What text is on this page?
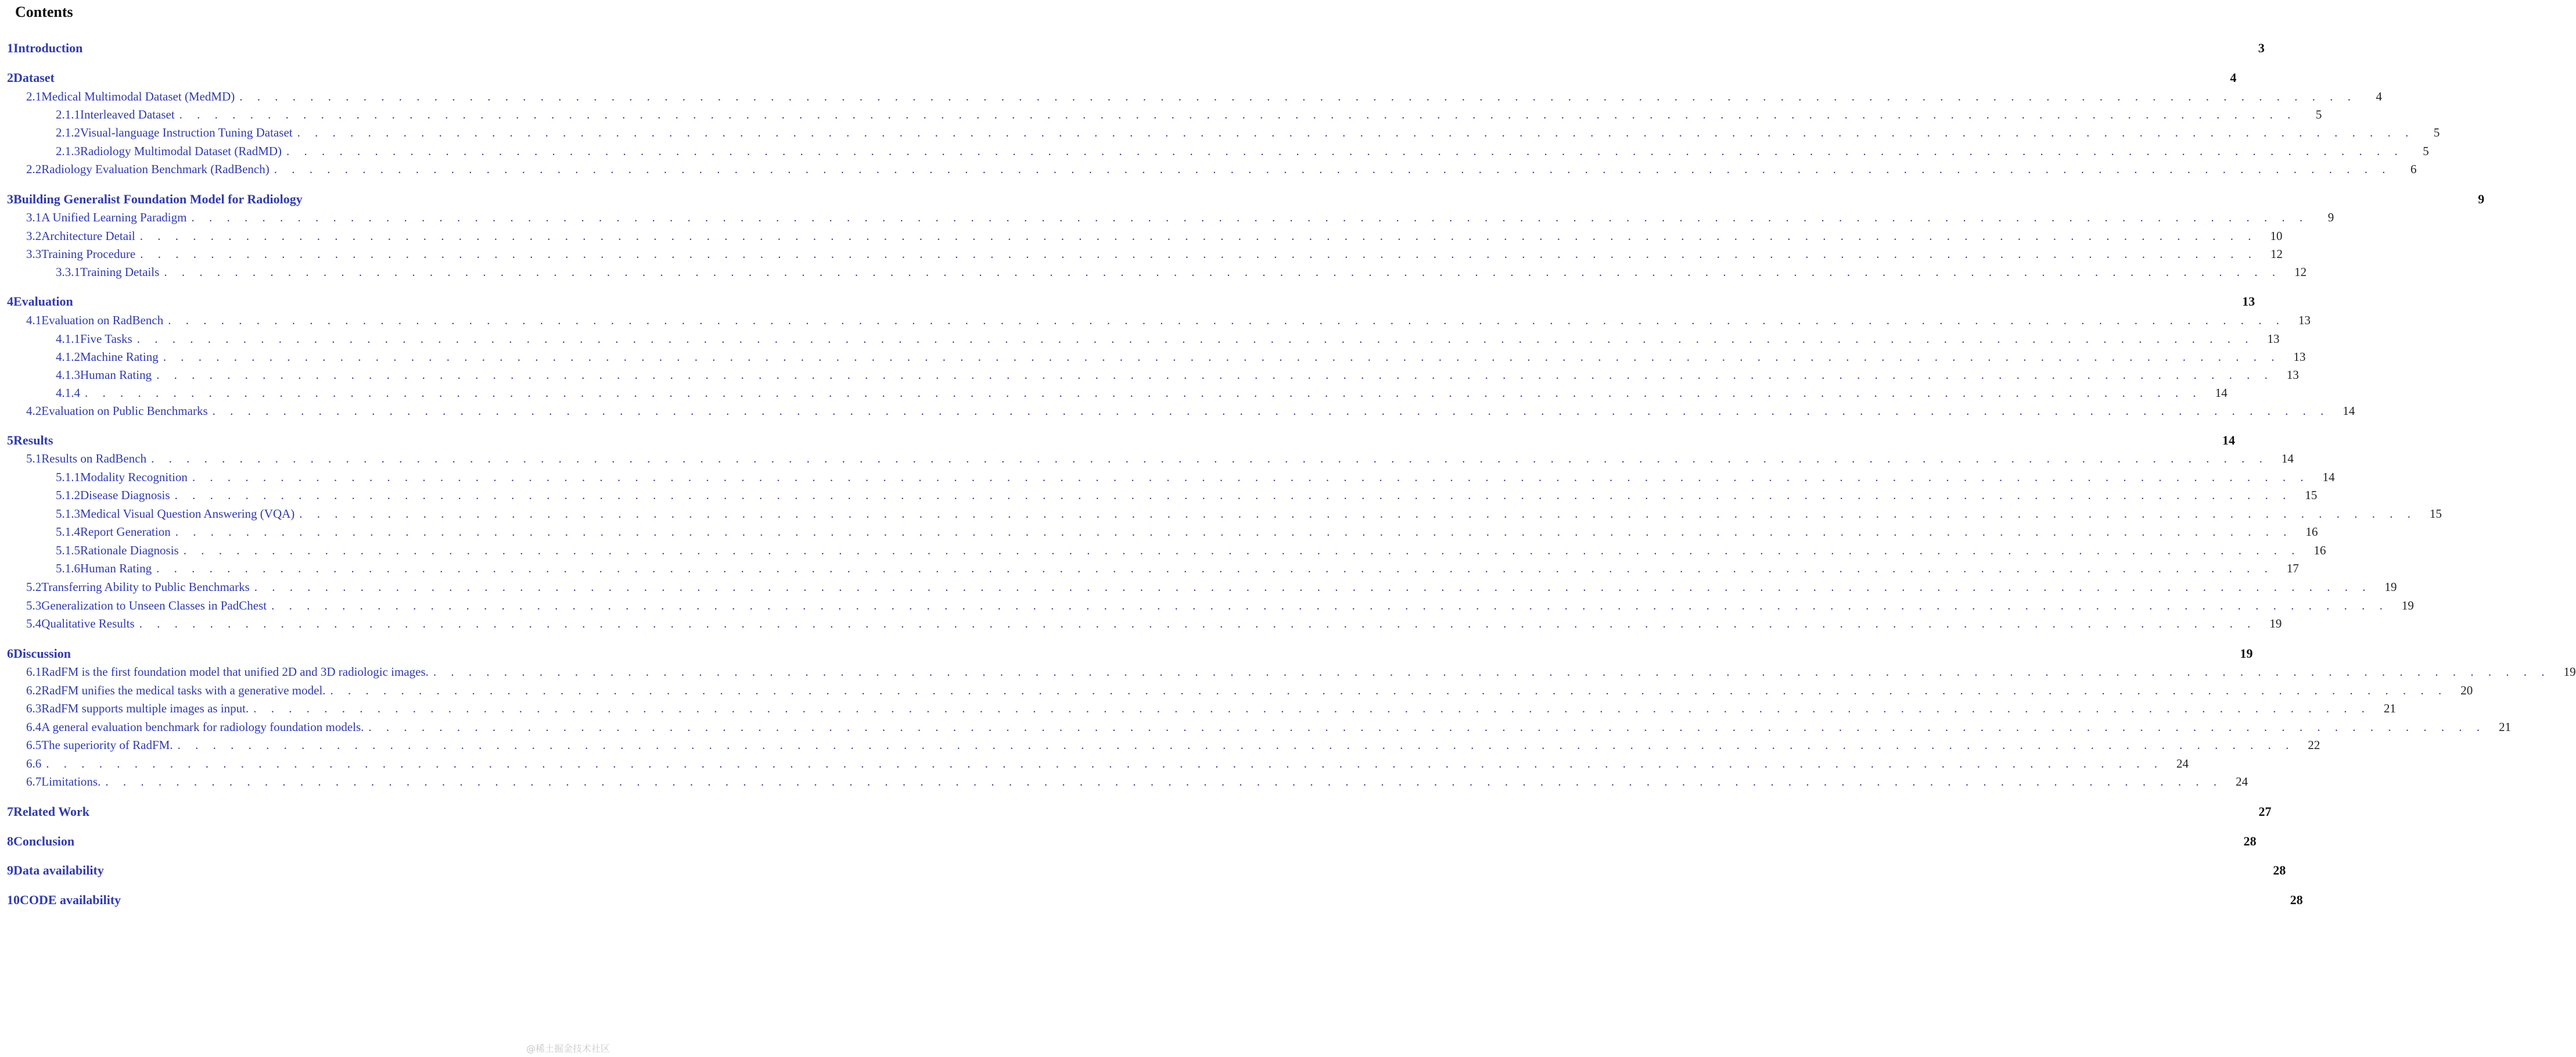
Contents
1 Introduction	3
2 Dataset	4
2.1 Medical Multimodal Dataset (MedMD) . . . . . . . . . . . . . . . . . . . . . . . . . . . . . . . . . . . . . . . . . . . . . . . . . . . . . . . . . . . . . . . . . . . . . . . . . . . . . . . . . . . . . . . . . . . . . . . . . . . . . . . . . . . . . . . . . . . . . . . .	4
2.1.1 Interleaved Dataset . . . . . . . . . . . . . . . . . . . . . . . . . . . . . . . . . . . . . . . . . . . . . . . . . . . . . . . . . . . . . . . . . . . . . . . . . . . . . . . . . . . . . . . . . . . . . . . . . . . . . . . . . . . . . . . . . . . . . . . .	5
2.1.2 Visual-language Instruction Tuning Dataset . . . . . . . . . . . . . . . . . . . . . . . . . . . . . . . . . . . . . . . . . . . . . . . . . . . . . . . . . . . . . . . . . . . . . . . . . . . . . . . . . . . . . . . . . . . . . . . . . . . . . . . . . . . . . . . . . . . . . . . .	5
2.1.3 Radiology Multimodal Dataset (RadMD) . . . . . . . . . . . . . . . . . . . . . . . . . . . . . . . . . . . . . . . . . . . . . . . . . . . . . . . . . . . . . . . . . . . . . . . . . . . . . . . . . . . . . . . . . . . . . . . . . . . . . . . . . . . . . . . . . . . . . . . .	5
2.2 Radiology Evaluation Benchmark (RadBench) . . . . . . . . . . . . . . . . . . . . . . . . . . . . . . . . . . . . . . . . . . . . . . . . . . . . . . . . . . . . . . . . . . . . . . . . . . . . . . . . . . . . . . . . . . . . . . . . . . . . . . . . . . . . . . . . . . . . . . . .	6
3 Building Generalist Foundation Model for Radiology	9
3.1 A Unified Learning Paradigm . . . . . . . . . . . . . . . . . . . . . . . . . . . . . . . . . . . . . . . . . . . . . . . . . . . . . . . . . . . . . . . . . . . . . . . . . . . . . . . . . . . . . . . . . . . . . . . . . . . . . . . . . . . . . . . . . . . . . . . .	9
3.2 Architecture Detail . . . . . . . . . . . . . . . . . . . . . . . . . . . . . . . . . . . . . . . . . . . . . . . . . . . . . . . . . . . . . . . . . . . . . . . . . . . . . . . . . . . . . . . . . . . . . . . . . . . . . . . . . . . . . . . . . . . . . . . .	10
3.3 Training Procedure . . . . . . . . . . . . . . . . . . . . . . . . . . . . . . . . . . . . . . . . . . . . . . . . . . . . . . . . . . . . . . . . . . . . . . . . . . . . . . . . . . . . . . . . . . . . . . . . . . . . . . . . . . . . . . . . . . . . . . . .	12
3.3.1 Training Details . . . . . . . . . . . . . . . . . . . . . . . . . . . . . . . . . . . . . . . . . . . . . . . . . . . . . . . . . . . . . . . . . . . . . . . . . . . . . . . . . . . . . . . . . . . . . . . . . . . . . . . . . . . . . . . . . . . . . . . .	12
4 Evaluation	13
4.1 Evaluation on RadBench . . . . . . . . . . . . . . . . . . . . . . . . . . . . . . . . . . . . . . . . . . . . . . . . . . . . . . . . . . . . . . . . . . . . . . . . . . . . . . . . . . . . . . . . . . . . . . . . . . . . . . . . . . . . . . . . . . . . . . . .	13
4.1.1 Five Tasks . . . . . . . . . . . . . . . . . . . . . . . . . . . . . . . . . . . . . . . . . . . . . . . . . . . . . . . . . . . . . . . . . . . . . . . . . . . . . . . . . . . . . . . . . . . . . . . . . . . . . . . . . . . . . . . . . . . . . . . .	13
4.1.2 Machine Rating . . . . . . . . . . . . . . . . . . . . . . . . . . . . . . . . . . . . . . . . . . . . . . . . . . . . . . . . . . . . . . . . . . . . . . . . . . . . . . . . . . . . . . . . . . . . . . . . . . . . . . . . . . . . . . . . . . . . . . . .	13
4.1.3 Human Rating . . . . . . . . . . . . . . . . . . . . . . . . . . . . . . . . . . . . . . . . . . . . . . . . . . . . . . . . . . . . . . . . . . . . . . . . . . . . . . . . . . . . . . . . . . . . . . . . . . . . . . . . . . . . . . . . . . . . . . . .	13
4.1.4 . . . . . . . . . . . . . . . . . . . . . . . . . . . . . . . . . . . . . . . . . . . . . . . . . . . . . . . . . . . . . . . . . . . . . . . . . . . . . . . . . . . . . . . . . . . . . . . . . . . . . . . . . . . . . . . . . . . . . . . .	14
4.2 Evaluation on Public Benchmarks . . . . . . . . . . . . . . . . . . . . . . . . . . . . . . . . . . . . . . . . . . . . . . . . . . . . . . . . . . . . . . . . . . . . . . . . . . . . . . . . . . . . . . . . . . . . . . . . . . . . . . . . . . . . . . . . . . . . . . . .	14
5 Results	14
5.1 Results on RadBench . . . . . . . . . . . . . . . . . . . . . . . . . . . . . . . . . . . . . . . . . . . . . . . . . . . . . . . . . . . . . . . . . . . . . . . . . . . . . . . . . . . . . . . . . . . . . . . . . . . . . . . . . . . . . . . . . . . . . . . .	14
5.1.1 Modality Recognition . . . . . . . . . . . . . . . . . . . . . . . . . . . . . . . . . . . . . . . . . . . . . . . . . . . . . . . . . . . . . . . . . . . . . . . . . . . . . . . . . . . . . . . . . . . . . . . . . . . . . . . . . . . . . . . . . . . . . . . .	14
5.1.2 Disease Diagnosis . . . . . . . . . . . . . . . . . . . . . . . . . . . . . . . . . . . . . . . . . . . . . . . . . . . . . . . . . . . . . . . . . . . . . . . . . . . . . . . . . . . . . . . . . . . . . . . . . . . . . . . . . . . . . . . . . . . . . . . .	15
5.1.3 Medical Visual Question Answering (VQA) . . . . . . . . . . . . . . . . . . . . . . . . . . . . . . . . . . . . . . . . . . . . . . . . . . . . . . . . . . . . . . . . . . . . . . . . . . . . . . . . . . . . . . . . . . . . . . . . . . . . . . . . . . . . . . . . . . . . . . . .	15
5.1.4 Report Generation . . . . . . . . . . . . . . . . . . . . . . . . . . . . . . . . . . . . . . . . . . . . . . . . . . . . . . . . . . . . . . . . . . . . . . . . . . . . . . . . . . . . . . . . . . . . . . . . . . . . . . . . . . . . . . . . . . . . . . . .	16
5.1.5 Rationale Diagnosis . . . . . . . . . . . . . . . . . . . . . . . . . . . . . . . . . . . . . . . . . . . . . . . . . . . . . . . . . . . . . . . . . . . . . . . . . . . . . . . . . . . . . . . . . . . . . . . . . . . . . . . . . . . . . . . . . . . . . . . .	16
5.1.6 Human Rating . . . . . . . . . . . . . . . . . . . . . . . . . . . . . . . . . . . . . . . . . . . . . . . . . . . . . . . . . . . . . . . . . . . . . . . . . . . . . . . . . . . . . . . . . . . . . . . . . . . . . . . . . . . . . . . . . . . . . . . .	17
5.2 Transferring Ability to Public Benchmarks . . . . . . . . . . . . . . . . . . . . . . . . . . . . . . . . . . . . . . . . . . . . . . . . . . . . . . . . . . . . . . . . . . . . . . . . . . . . . . . . . . . . . . . . . . . . . . . . . . . . . . . . . . . . . . . . . . . . . . . .	19
5.3 Generalization to Unseen Classes in PadChest . . . . . . . . . . . . . . . . . . . . . . . . . . . . . . . . . . . . . . . . . . . . . . . . . . . . . . . . . . . . . . . . . . . . . . . . . . . . . . . . . . . . . . . . . . . . . . . . . . . . . . . . . . . . . . . . . . . . . . . .	19
5.4 Qualitative Results . . . . . . . . . . . . . . . . . . . . . . . . . . . . . . . . . . . . . . . . . . . . . . . . . . . . . . . . . . . . . . . . . . . . . . . . . . . . . . . . . . . . . . . . . . . . . . . . . . . . . . . . . . . . . . . . . . . . . . . .	19
6 Discussion	19
6.1 RadFM is the first foundation model that unified 2D and 3D radiologic images. . . . . . . . . . . . . . . . . . . . . . . . . . . . . . . . . . . . . . . . . . . . . . . . . . . . . . . . . . . . . . . . . . . . . . . . . . . . . . . . . . . . . . . . . . . . . . . . . . . . . . . . . . . . . . . . . . . . . . . . .	19
6.2 RadFM unifies the medical tasks with a generative model. . . . . . . . . . . . . . . . . . . . . . . . . . . . . . . . . . . . . . . . . . . . . . . . . . . . . . . . . . . . . . . . . . . . . . . . . . . . . . . . . . . . . . . . . . . . . . . . . . . . . . . . . . . . . . . . . . . . . . . . .	20
6.3 RadFM supports multiple images as input. . . . . . . . . . . . . . . . . . . . . . . . . . . . . . . . . . . . . . . . . . . . . . . . . . . . . . . . . . . . . . . . . . . . . . . . . . . . . . . . . . . . . . . . . . . . . . . . . . . . . . . . . . . . . . . . . . . . . . . . .	21
6.4 A general evaluation benchmark for radiology foundation models. . . . . . . . . . . . . . . . . . . . . . . . . . . . . . . . . . . . . . . . . . . . . . . . . . . . . . . . . . . . . . . . . . . . . . . . . . . . . . . . . . . . . . . . . . . . . . . . . . . . . . . . . . . . . . . . . . . . . . . . .	21
6.5 The superiority of RadFM. . . . . . . . . . . . . . . . . . . . . . . . . . . . . . . . . . . . . . . . . . . . . . . . . . . . . . . . . . . . . . . . . . . . . . . . . . . . . . . . . . . . . . . . . . . . . . . . . . . . . . . . . . . . . . . . . . . . . . . . .	22
6.6 . . . . . . . . . . . . . . . . . . . . . . . . . . . . . . . . . . . . . . . . . . . . . . . . . . . . . . . . . . . . . . . . . . . . . . . . . . . . . . . . . . . . . . . . . . . . . . . . . . . . . . . . . . . . . . . . . . . . . . . .	24
6.7 Limitations. . . . . . . . . . . . . . . . . . . . . . . . . . . . . . . . . . . . . . . . . . . . . . . . . . . . . . . . . . . . . . . . . . . . . . . . . . . . . . . . . . . . . . . . . . . . . . . . . . . . . . . . . . . . . . . . . . . . . . . . .	24
7 Related Work	27
8 Conclusion	28
9 Data availability	28
10 CODE availability	28
@稀土掘金技术社区
